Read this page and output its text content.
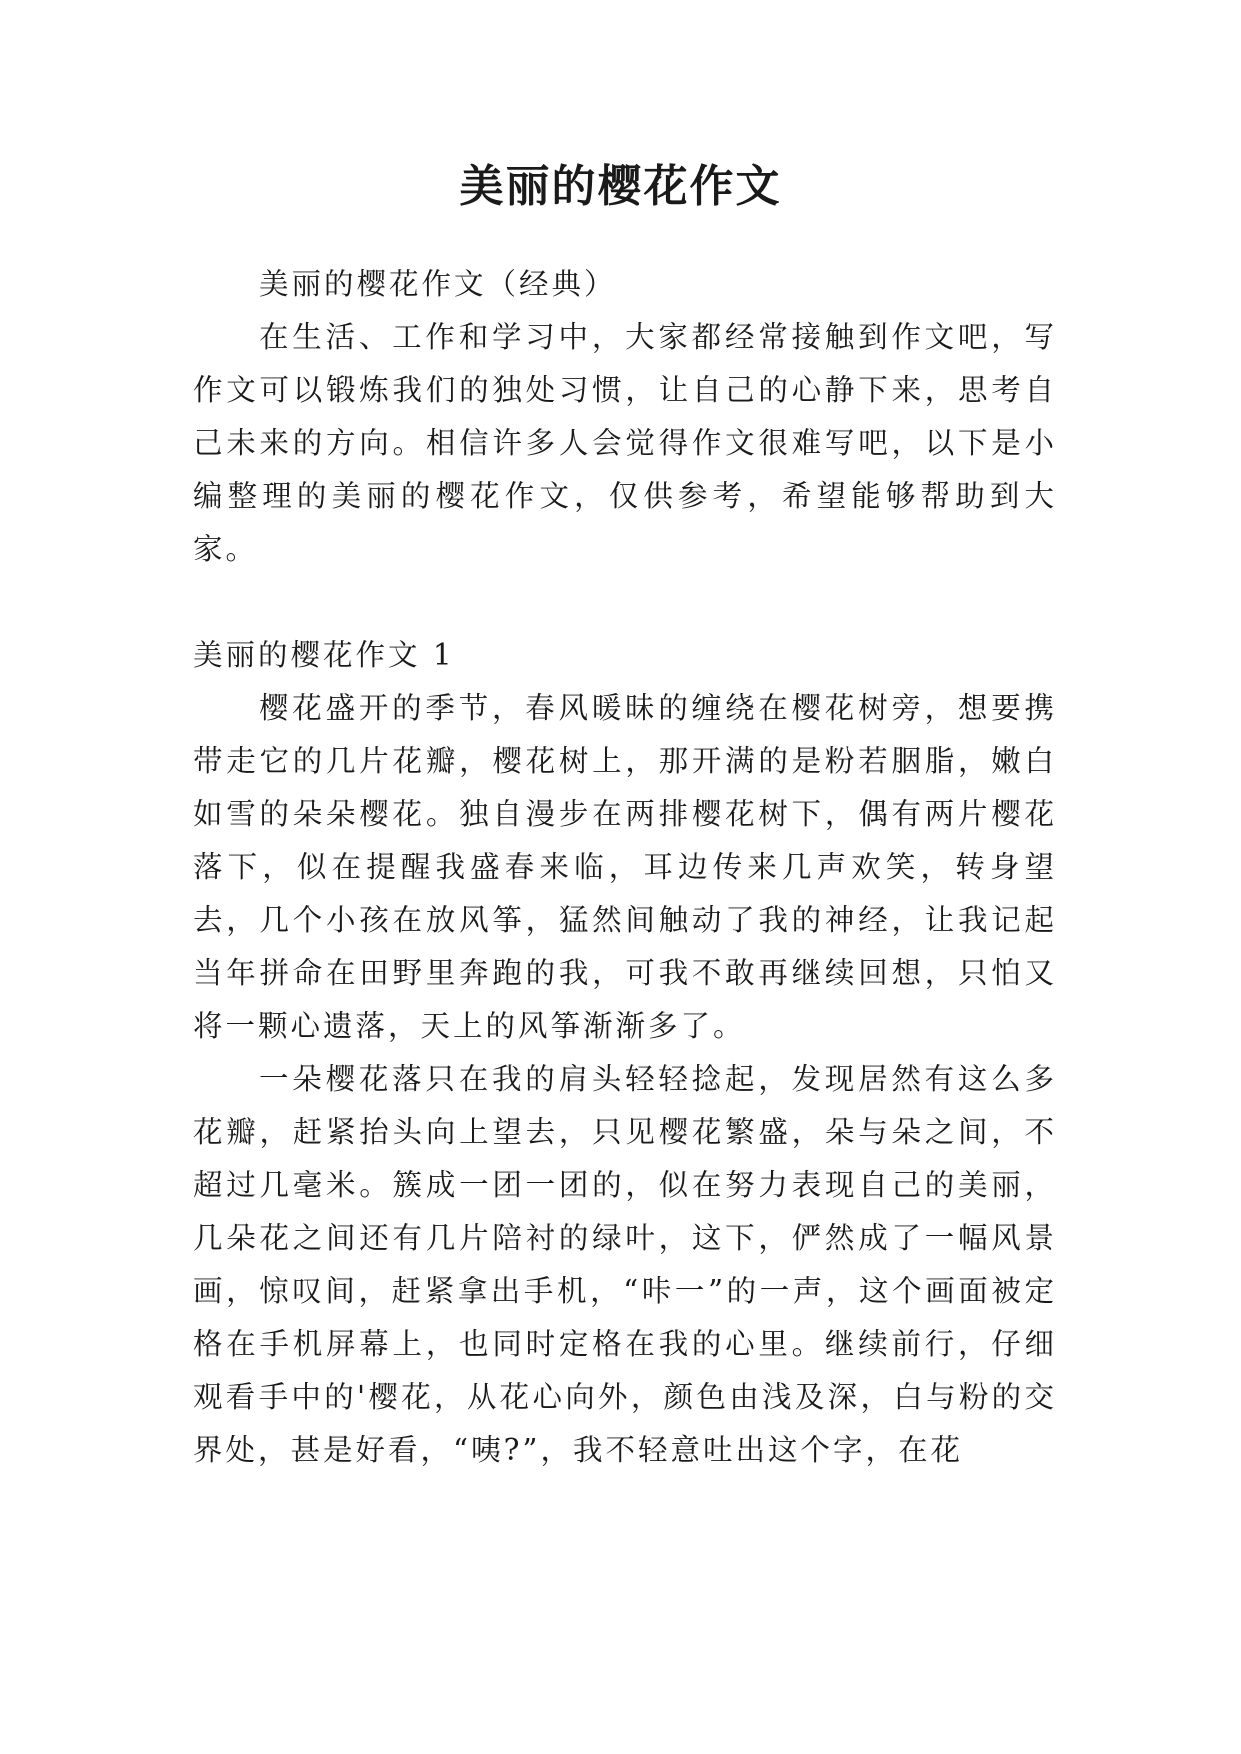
美丽的樱花作文

美丽的樱花作文（经典）

在生活、工作和学习中，大家都经常接触到作文吧，写作文可以锻炼我们的独处习惯，让自己的心静下来，思考自己未来的方向。相信许多人会觉得作文很难写吧，以下是小编整理的美丽的樱花作文，仅供参考，希望能够帮助到大家。

美丽的樱花作文 1

樱花盛开的季节，春风暖昧的缠绕在樱花树旁，想要携带走它的几片花瓣，樱花树上，那开满的是粉若胭脂，嫩白如雪的朵朵樱花。独自漫步在两排樱花树下，偶有两片樱花落下，似在提醒我盛春来临，耳边传来几声欢笑，转身望去，几个小孩在放风筝，猛然间触动了我的神经，让我记起当年拼命在田野里奔跑的我，可我不敢再继续回想，只怕又将一颗心遗落，天上的风筝渐渐多了。

一朵樱花落只在我的肩头轻轻捻起，发现居然有这么多花瓣，赶紧抬头向上望去，只见樱花繁盛，朵与朵之间，不超过几毫米。簇成一团一团的，似在努力表现自己的美丽，几朵花之间还有几片陪衬的绿叶，这下，俨然成了一幅风景画，惊叹间，赶紧拿出手机，“咔一”的一声，这个画面被定格在手机屏幕上，也同时定格在我的心里。继续前行，仔细观看手中的'樱花，从花心向外，颜色由浅及深，白与粉的交界处，甚是好看，“咦?”，我不轻意吐出这个字，在花
